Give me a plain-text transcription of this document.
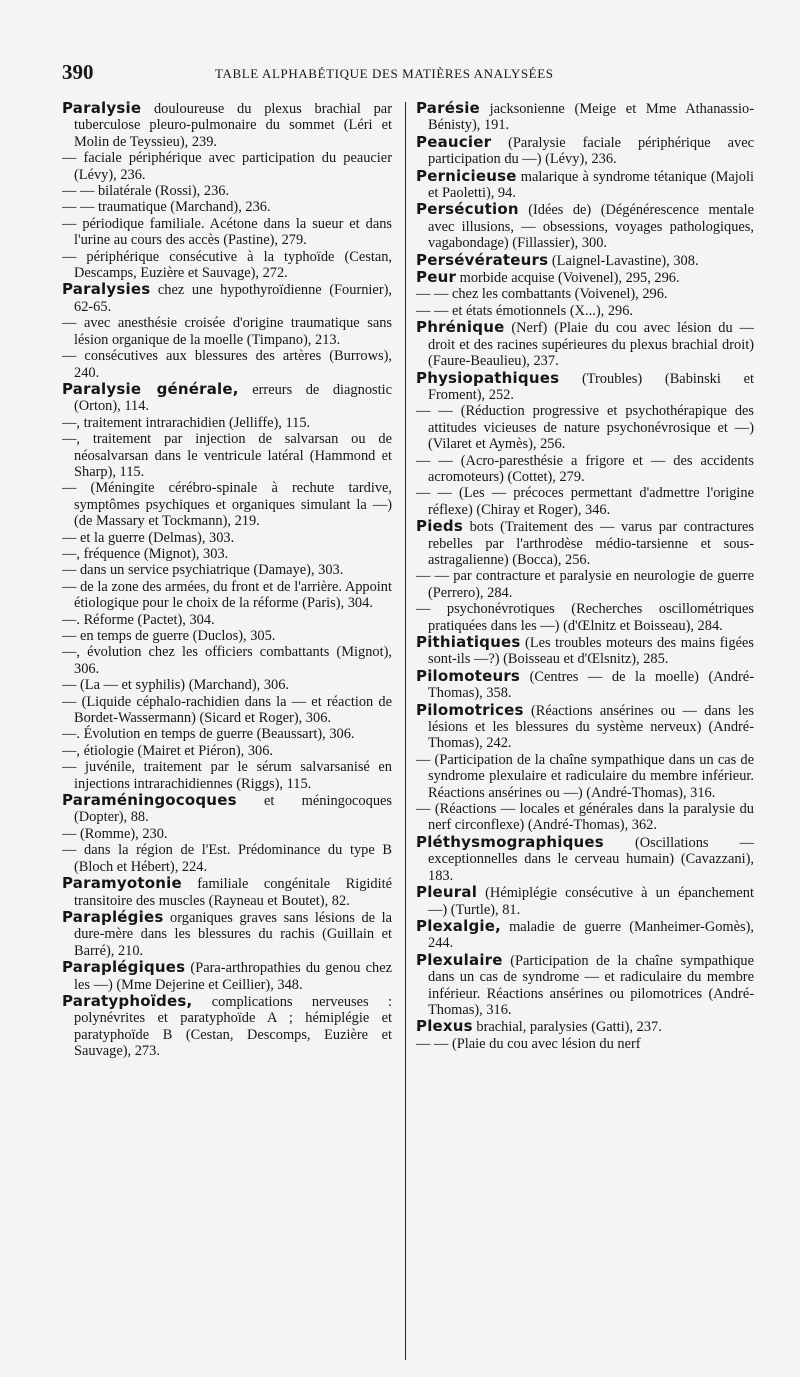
390	TABLE ALPHABÉTIQUE DES MATIÈRES ANALYSÉES

Paralysie douloureuse du plexus brachial par tuberculose pleuro-pulmonaire du sommet (Léri et Molin de Teyssieu), 239.

— faciale périphérique avec participation du peaucier (Lévy), 236.

— — bilatérale (Rossi), 236.

— — traumatique (Marchand), 236.

— périodique familiale. Acétone dans la sueur et dans l'urine au cours des accès (Pastine), 279.

— périphérique consécutive à la typhoïde (Cestan, Descamps, Euzière et Sauvage), 272.

Paralysies chez une hypothyroïdienne (Fournier), 62-65.

— avec anesthésie croisée d'origine traumatique sans lésion organique de la moelle (Timpano), 213.

— consécutives aux blessures des artères (Burrows), 240.

Paralysie générale, erreurs de diagnostic (Orton), 114.

—, traitement intrarachidien (Jelliffe), 115.

—, traitement par injection de salvarsan ou de néosalvarsan dans le ventricule latéral (Hammond et Sharp), 115.

— (Méningite cérébro-spinale à rechute tardive, symptômes psychiques et organiques simulant la —) (de Massary et Tockmann), 219.

— et la guerre (Delmas), 303.

—, fréquence (Mignot), 303.

— dans un service psychiatrique (Damaye), 303.

— de la zone des armées, du front et de l'arrière. Appoint étiologique pour le choix de la réforme (Paris), 304.

—. Réforme (Pactet), 304.

— en temps de guerre (Duclos), 305.

—, évolution chez les officiers combattants (Mignot), 306.

— (La — et syphilis) (Marchand), 306.

— (Liquide céphalo-rachidien dans la — et réaction de Bordet-Wassermann) (Sicard et Roger), 306.

—. Évolution en temps de guerre (Beaussart), 306.

—, étiologie (Mairet et Piéron), 306.

— juvénile, traitement par le sérum salvarsanisé en injections intrarachidiennes (Riggs), 115.

Paraméningocoques et méningocoques (Dopter), 88.

— (Romme), 230.

— dans la région de l'Est. Prédominance du type B (Bloch et Hébert), 224.

Paramyotonie familiale congénitale Rigidité transitoire des muscles (Rayneau et Boutet), 82.

Paraplégies organiques graves sans lésions de la dure-mère dans les blessures du rachis (Guillain et Barré), 210.

Paraplégiques (Para-arthropathies du genou chez les —) (Mme Dejerine et Ceillier), 348.

Paratyphoïdes, complications nerveuses : polynévrites et paratyphoïde A ; hémiplégie et paratyphoïde B (Cestan, Descomps, Euzière et Sauvage), 273.

Parésie jacksonienne (Meige et Mme Athanassio-Bénisty), 191.

Peaucier (Paralysie faciale périphérique avec participation du —) (Lévy), 236.

Pernicieuse malarique à syndrome tétanique (Majoli et Paoletti), 94.

Persécution (Idées de) (Dégénérescence mentale avec illusions, — obsessions, voyages pathologiques, vagabondage) (Fillassier), 300.

Persévérateurs (Laignel-Lavastine), 308.

Peur morbide acquise (Voivenel), 295, 296.

— — chez les combattants (Voivenel), 296.

— — et états émotionnels (X...), 296.

Phrénique (Nerf) (Plaie du cou avec lésion du — droit et des racines supérieures du plexus brachial droit) (Faure-Beaulieu), 237.

Physiopathiques (Troubles) (Babinski et Froment), 252.

— — (Réduction progressive et psychothérapique des attitudes vicieuses de nature psychonévrosique et —) (Vilaret et Aymès), 256.

— — (Acro-paresthésie a frigore et — des accidents acromoteurs) (Cottet), 279.

— — (Les — précoces permettant d'admettre l'origine réflexe) (Chiray et Roger), 346.

Pieds bots (Traitement des — varus par contractures rebelles par l'arthrodèse médio-tarsienne et sous-astragalienne) (Bocca), 256.

— — par contracture et paralysie en neurologie de guerre (Perrero), 284.

— psychonévrotiques (Recherches oscillométriques pratiquées dans les —) (d'Œlnitz et Boisseau), 284.

Pithiatiques (Les troubles moteurs des mains figées sont-ils —?) (Boisseau et d'Œlsnitz), 285.

Pilomoteurs (Centres — de la moelle) (André-Thomas), 358.

Pilomotrices (Réactions ansérines ou — dans les lésions et les blessures du système nerveux) (André-Thomas), 242.

— (Participation de la chaîne sympathique dans un cas de syndrome plexulaire et radiculaire du membre inférieur. Réactions ansérines ou —) (André-Thomas), 316.

— (Réactions — locales et générales dans la paralysie du nerf circonflexe) (André-Thomas), 362.

Pléthysmographiques (Oscillations — exceptionnelles dans le cerveau humain) (Cavazzani), 183.

Pleural (Hémiplégie consécutive à un épanchement —) (Turtle), 81.

Plexalgie, maladie de guerre (Manheimer-Gomès), 244.

Plexulaire (Participation de la chaîne sympathique dans un cas de syndrome — et radiculaire du membre inférieur. Réactions ansérines ou pilomotrices (André-Thomas), 316.

Plexus brachial, paralysies (Gatti), 237.

— — (Plaie du cou avec lésion du nerf
